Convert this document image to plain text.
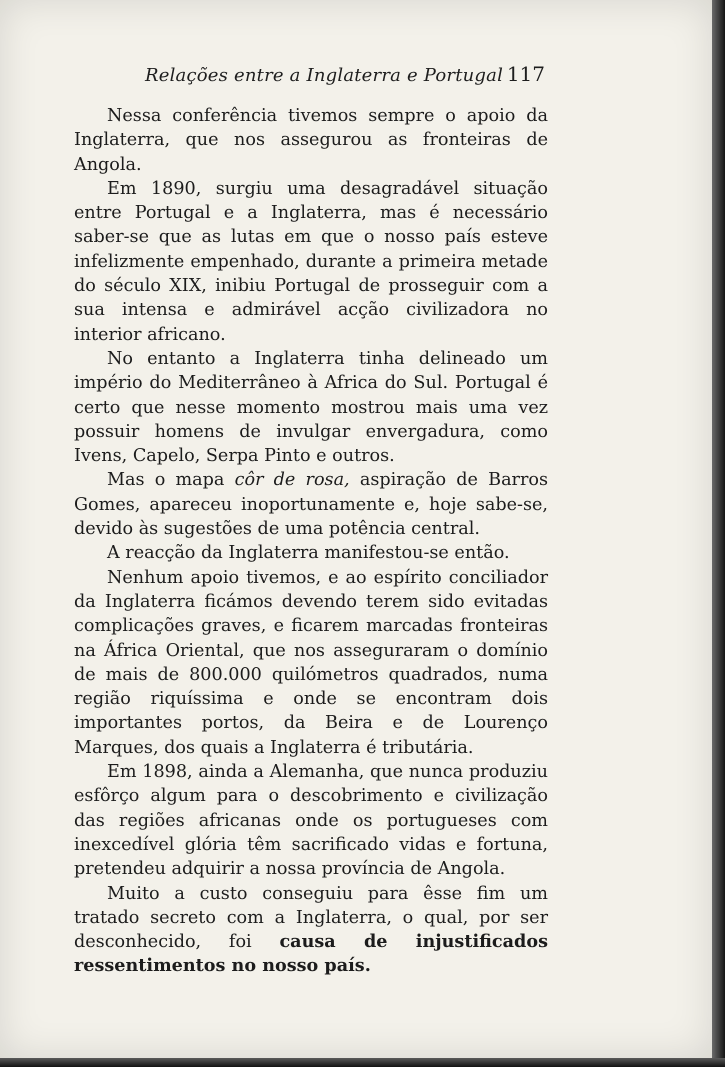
Relações entre a Inglaterra e Portugal 117

Nessa conferência tivemos sempre o apoio da Inglaterra, que nos assegurou as fronteiras de Angola.

Em 1890, surgiu uma desagradável situação entre Portugal e a Inglaterra, mas é necessário saber-se que as lutas em que o nosso país esteve infelizmente empenhado, durante a primeira metade do século XIX, inibiu Portugal de prosseguir com a sua intensa e admirável acção civilizadora no interior africano.

No entanto a Inglaterra tinha delineado um império do Mediterrâneo à Africa do Sul. Portugal é certo que nesse momento mostrou mais uma vez possuir homens de invulgar envergadura, como Ivens, Capelo, Serpa Pinto e outros.

Mas o mapa côr de rosa, aspiração de Barros Gomes, apareceu inoportunamente e, hoje sabe-se, devido às sugestões de uma potência central.

A reacção da Inglaterra manifestou-se então.

Nenhum apoio tivemos, e ao espírito conciliador da Inglaterra ficámos devendo terem sido evitadas complicações graves, e ficarem marcadas fronteiras na África Oriental, que nos asseguraram o domínio de mais de 800.000 quilómetros quadrados, numa região riquíssima e onde se encontram dois importantes portos, da Beira e de Lourenço Marques, dos quais a Inglaterra é tributária.

Em 1898, ainda a Alemanha, que nunca produziu esfôrço algum para o descobrimento e civilização das regiões africanas onde os portugueses com inexcedível glória têm sacrificado vidas e fortuna, pretendeu adquirir a nossa província de Angola.

Muito a custo conseguiu para êsse fim um tratado secreto com a Inglaterra, o qual, por ser desconhecido, foi causa de injustificados ressentimentos no nosso país.
